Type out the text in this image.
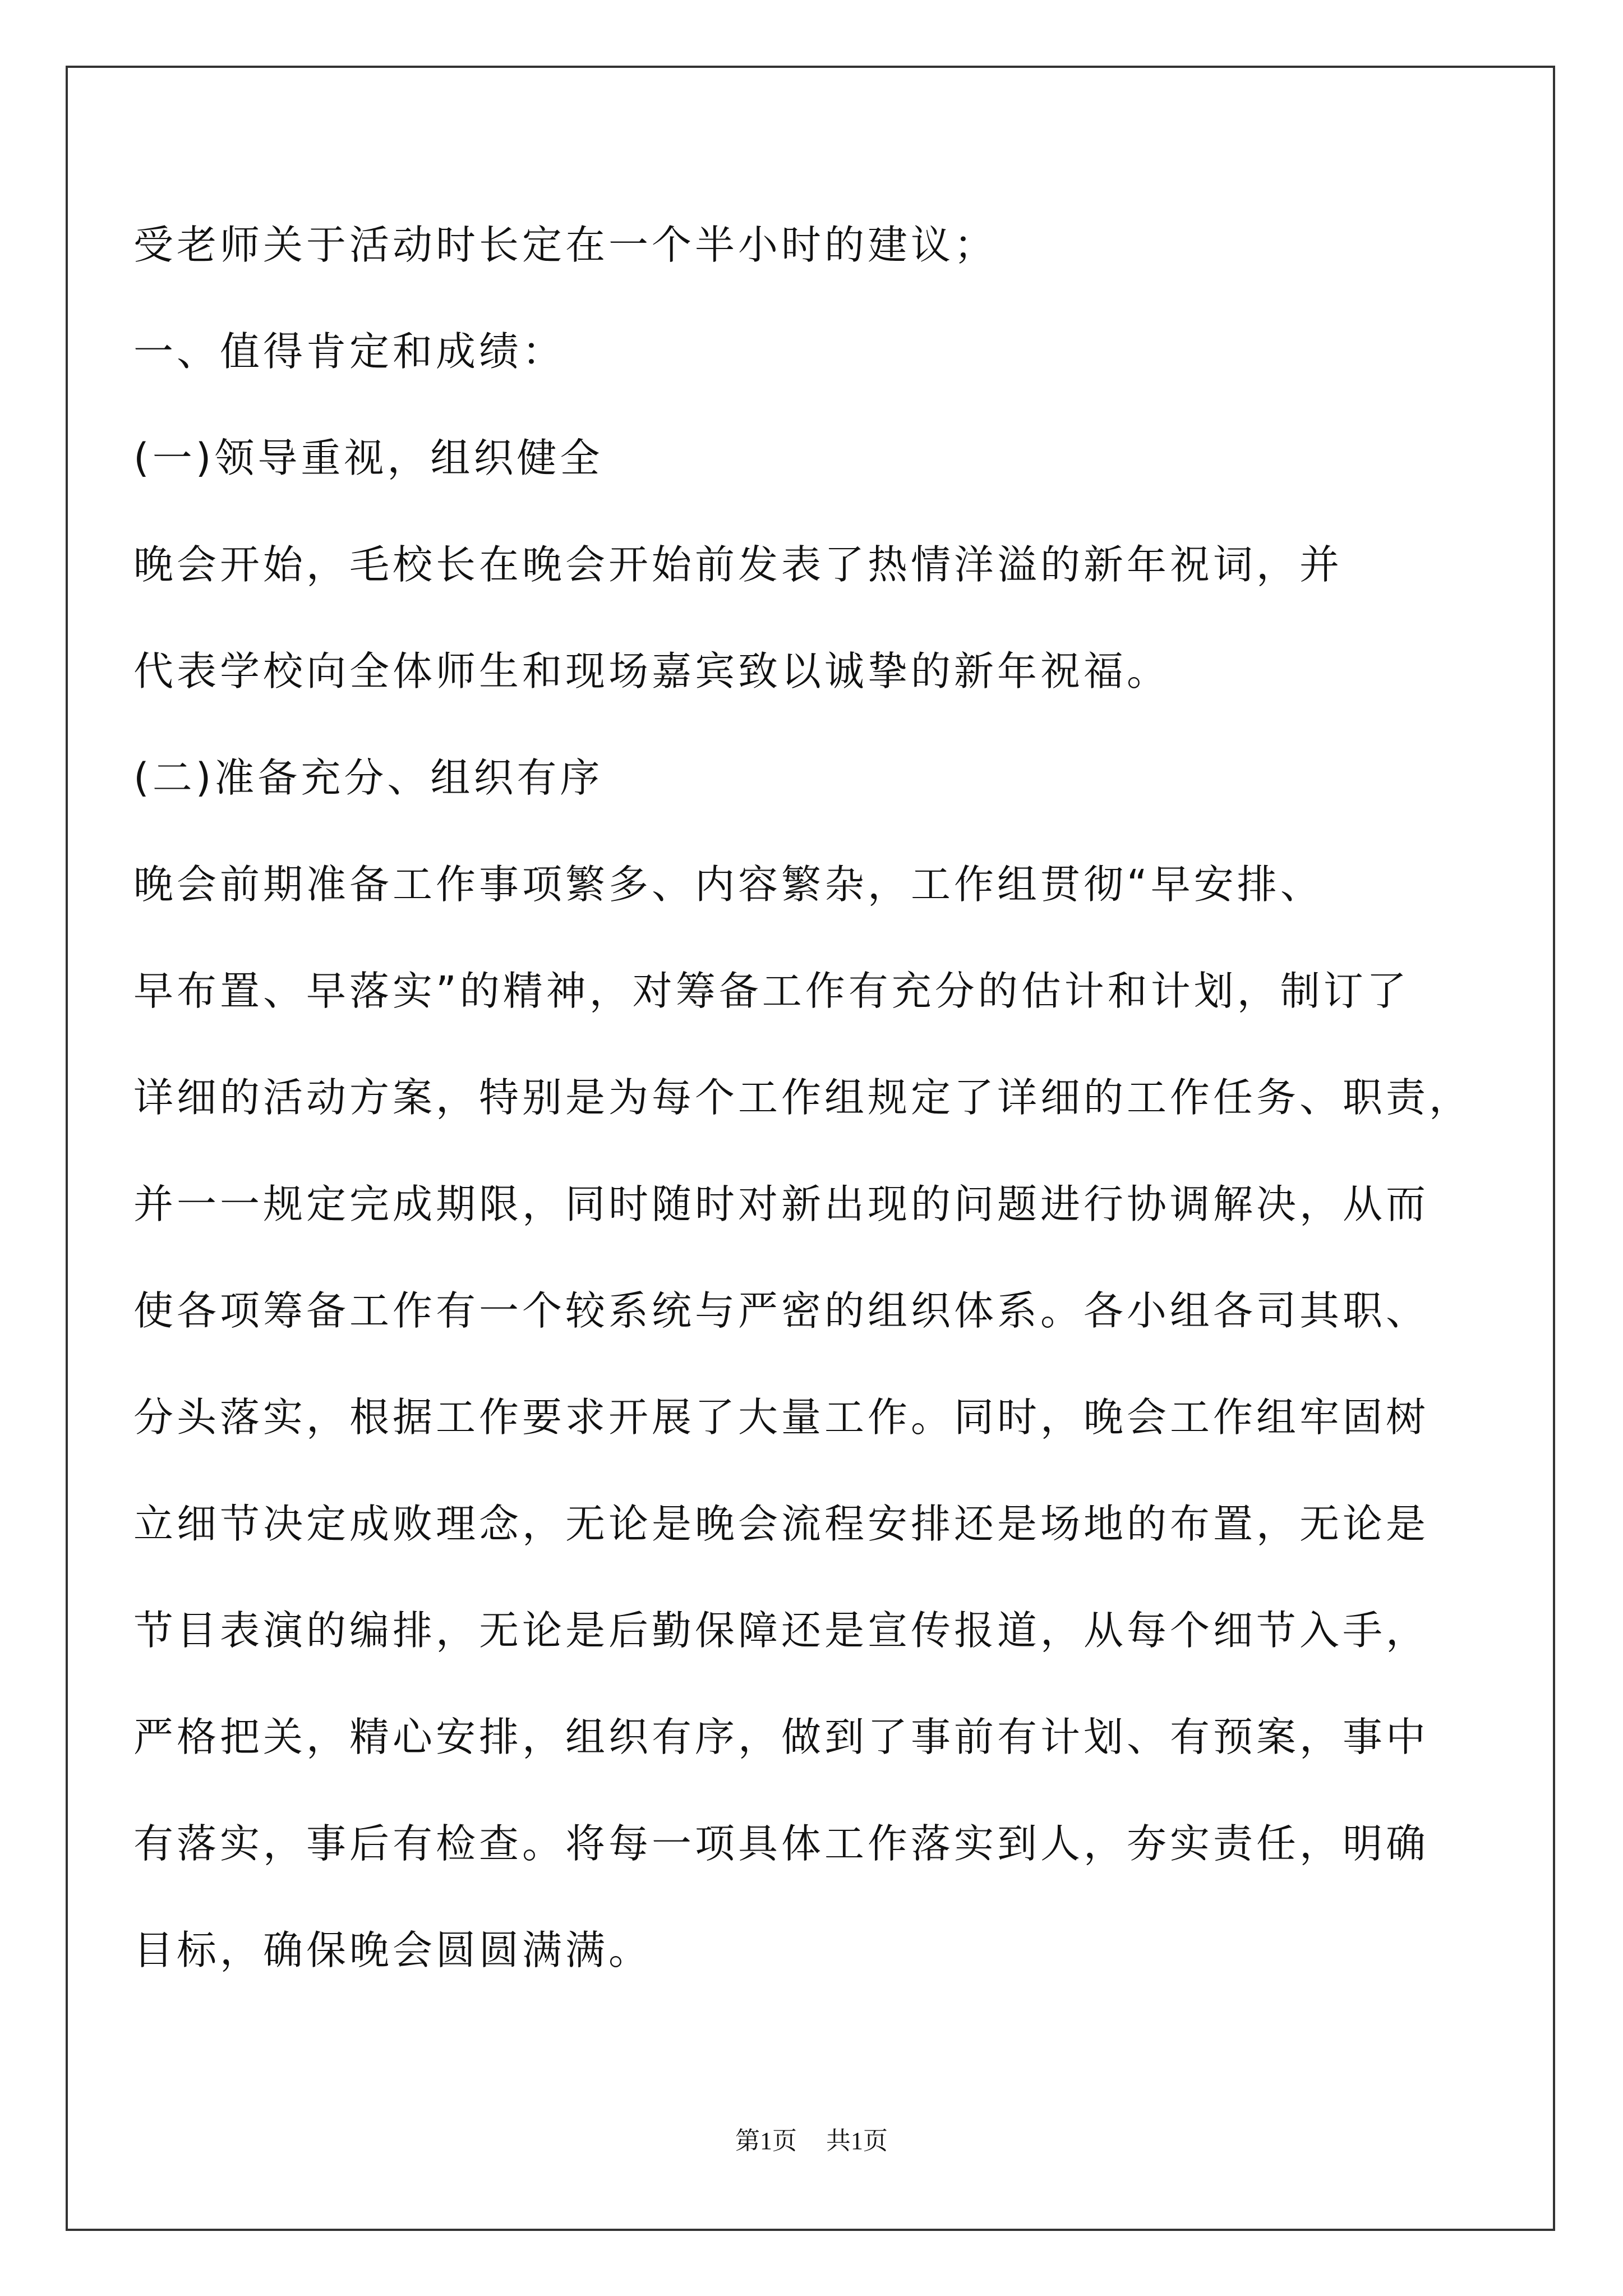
受老师关于活动时长定在一个半小时的建议；

一、值得肯定和成绩：

(一)领导重视，组织健全

晚会开始，毛校长在晚会开始前发表了热情洋溢的新年祝词，并

代表学校向全体师生和现场嘉宾致以诚挚的新年祝福。

(二)准备充分、组织有序

晚会前期准备工作事项繁多、内容繁杂，工作组贯彻“早安排、

早布置、早落实”的精神，对筹备工作有充分的估计和计划，制订了

详细的活动方案，特别是为每个工作组规定了详细的工作任务、职责，

并一一规定完成期限，同时随时对新出现的问题进行协调解决，从而

使各项筹备工作有一个较系统与严密的组织体系。各小组各司其职、

分头落实，根据工作要求开展了大量工作。同时，晚会工作组牢固树

立细节决定成败理念，无论是晚会流程安排还是场地的布置，无论是

节目表演的编排，无论是后勤保障还是宣传报道，从每个细节入手，

严格把关，精心安排，组织有序，做到了事前有计划、有预案，事中

有落实，事后有检查。将每一项具体工作落实到人，夯实责任，明确

目标，确保晚会圆圆满满。

第1页 共1页
